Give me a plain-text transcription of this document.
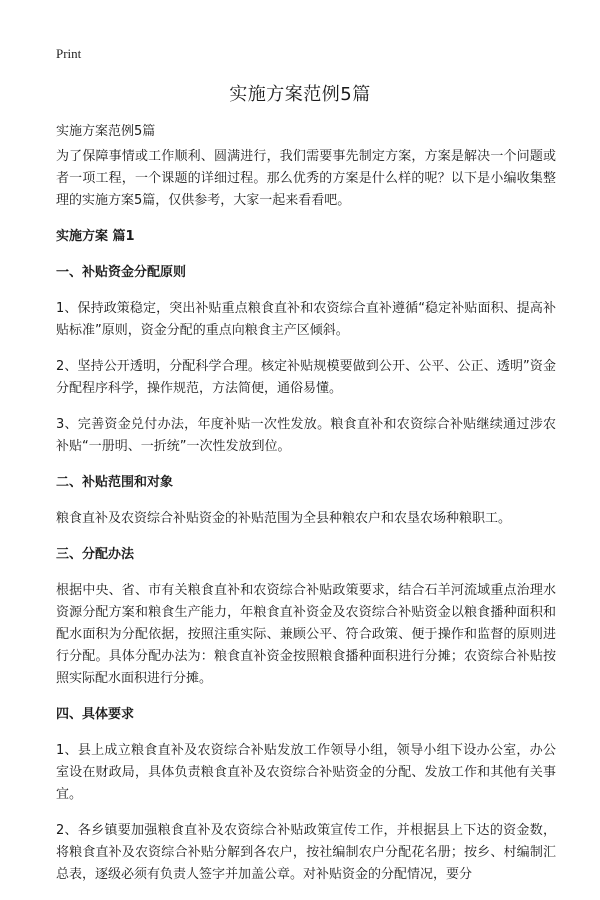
Print
实施方案范例5篇
实施方案范例5篇

为了保障事情或工作顺利、圆满进行，我们需要事先制定方案，方案是解决一个问题或者一项工程，一个课题的详细过程。那么优秀的方案是什么样的呢？以下是小编收集整理的实施方案5篇，仅供参考，大家一起来看看吧。

实施方案 篇1
一、补贴资金分配原则

1、保持政策稳定，突出补贴重点粮食直补和农资综合直补遵循“稳定补贴面积、提高补贴标准”原则，资金分配的重点向粮食主产区倾斜。

2、坚持公开透明，分配科学合理。核定补贴规模要做到公开、公平、公正、透明”资金分配程序科学，操作规范，方法简便，通俗易懂。

3、完善资金兑付办法，年度补贴一次性发放。粮食直补和农资综合补贴继续通过涉农补贴“一册明、一折统”一次性发放到位。

二、补贴范围和对象

粮食直补及农资综合补贴资金的补贴范围为全县种粮农户和农垦农场种粮职工。

三、分配办法

根据中央、省、市有关粮食直补和农资综合补贴政策要求，结合石羊河流域重点治理水资源分配方案和粮食生产能力，年粮食直补资金及农资综合补贴资金以粮食播种面积和配水面积为分配依据，按照注重实际、兼顾公平、符合政策、便于操作和监督的原则进行分配。具体分配办法为：粮食直补资金按照粮食播种面积进行分摊；农资综合补贴按照实际配水面积进行分摊。

四、具体要求

1、县上成立粮食直补及农资综合补贴发放工作领导小组，领导小组下设办公室，办公室设在财政局，具体负责粮食直补及农资综合补贴资金的分配、发放工作和其他有关事宜。

2、各乡镇要加强粮食直补及农资综合补贴政策宣传工作，并根据县上下达的资金数，将粮食直补及农资综合补贴分解到各农户，按社编制农户分配花名册；按乡、村编制汇总表，逐级必须有负责人签字并加盖公章。对补贴资金的分配情况，要分
